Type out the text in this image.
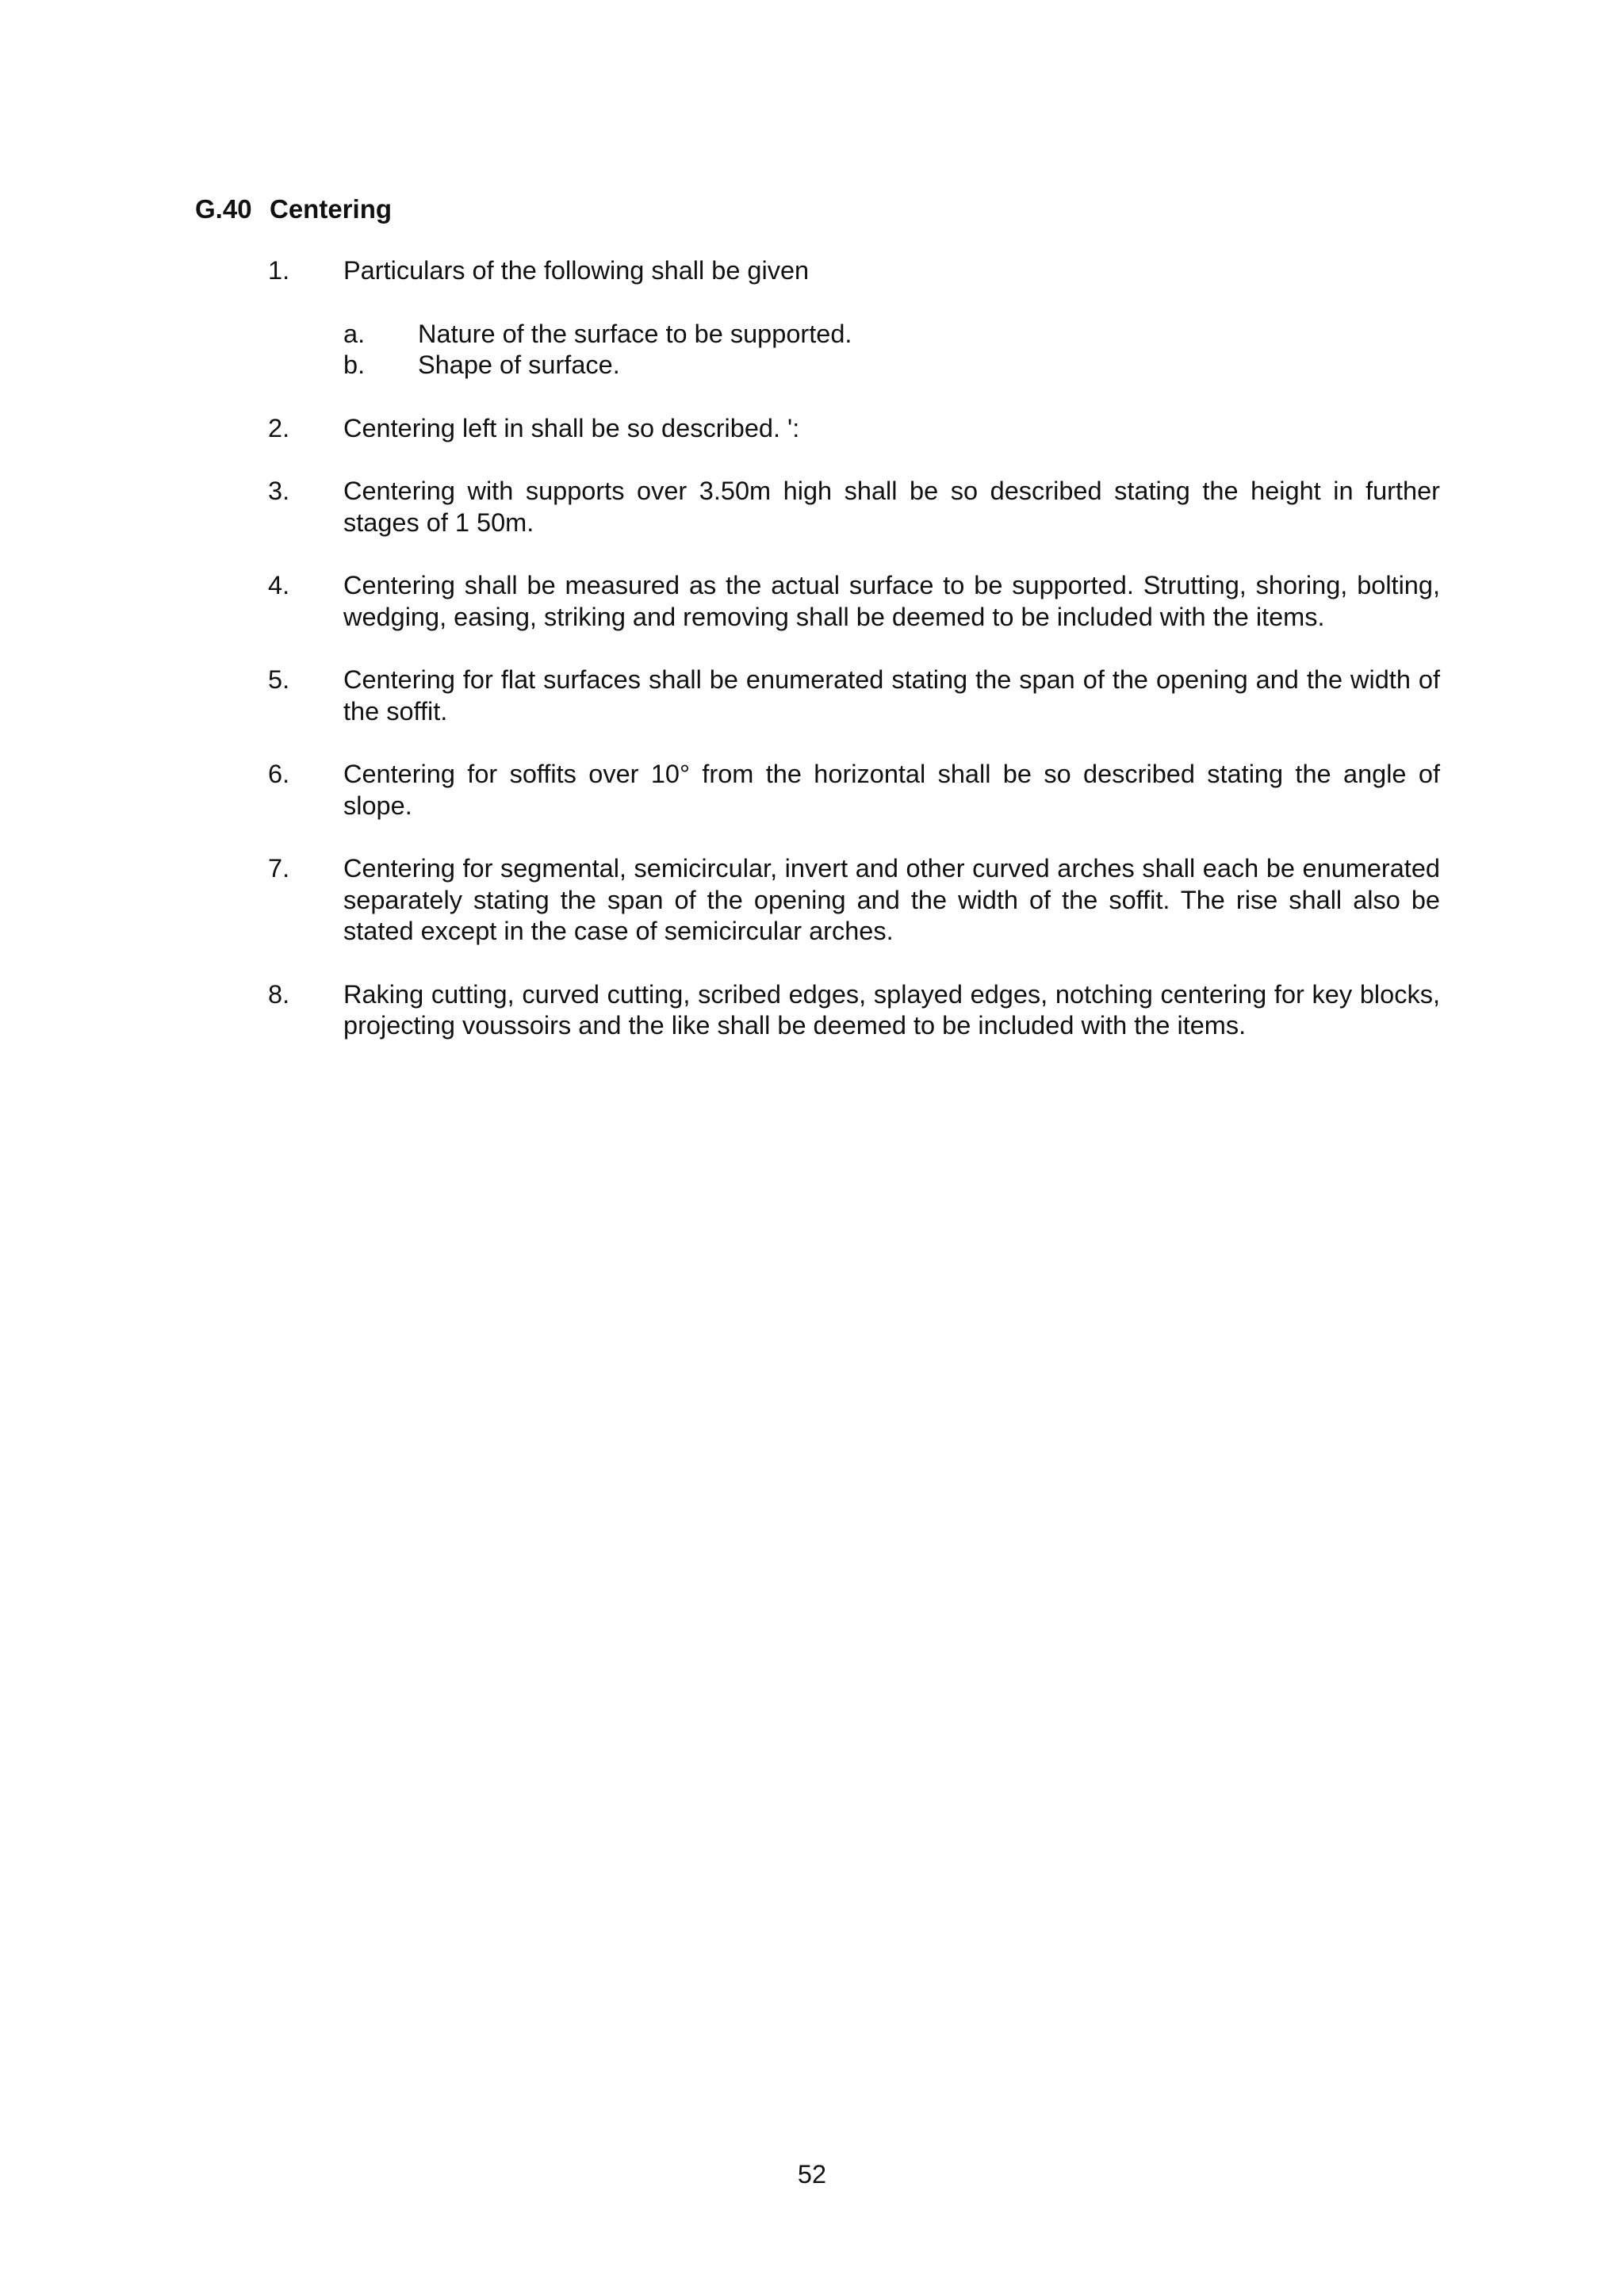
G.40 Centering
1. Particulars of the following shall be given
a. Nature of the surface to be supported.
b. Shape of surface.
2. Centering left in shall be so described. ':
3. Centering with supports over 3.50m high shall be so described stating the height in further stages of 1 50m.
4. Centering shall be measured as the actual surface to be supported. Strutting, shoring, bolting, wedging, easing, striking and removing shall be deemed to be included with the items.
5. Centering for flat surfaces shall be enumerated stating the span of the opening and the width of the soffit.
6. Centering for soffits over 10° from the horizontal shall be so described stating the angle of slope.
7. Centering for segmental, semicircular, invert and other curved arches shall each be enumerated separately stating the span of the opening and the width of the soffit. The rise shall also be stated except in the case of semicircular arches.
8. Raking cutting, curved cutting, scribed edges, splayed edges, notching centering for key blocks, projecting voussoirs and the like shall be deemed to be included with the items.
52
